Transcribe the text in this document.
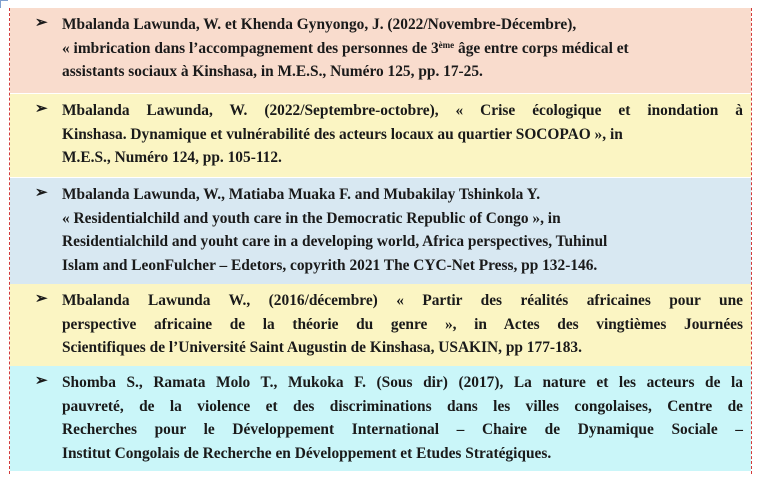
➢ Mbalanda Lawunda, W. et Khenda Gynyongo, J. (2022/Novembre-Décembre),
« imbrication dans l’accompagnement des personnes de 3ème âge entre corps médical et
assistants sociaux à Kinshasa, in M.E.S., Numéro 125, pp. 17-25.
➢ Mbalanda Lawunda, W. (2022/Septembre-octobre), « Crise écologique et inondation à
Kinshasa. Dynamique et vulnérabilité des acteurs locaux au quartier SOCOPAO », in
M.E.S., Numéro 124, pp. 105-112.
➢ Mbalanda Lawunda, W., Matiaba Muaka F. and Mubakilay Tshinkola Y.
« Residentialchild and youth care in the Democratic Republic of Congo », in
Residentialchild and youht care in a developing world, Africa perspectives, Tuhinul
Islam and LeonFulcher – Edetors, copyrith 2021 The CYC-Net Press, pp 132-146.
➢ Mbalanda Lawunda W., (2016/décembre) « Partir des réalités africaines pour une
perspective africaine de la théorie du genre », in Actes des vingtièmes Journées
Scientifiques de l’Université Saint Augustin de Kinshasa, USAKIN, pp 177-183.
➢ Shomba S., Ramata Molo T., Mukoka F. (Sous dir) (2017), La nature et les acteurs de la
pauvreté, de la violence et des discriminations dans les villes congolaises, Centre de
Recherches pour le Développement International – Chaire de Dynamique Sociale –
Institut Congolais de Recherche en Développement et Etudes Stratégiques.
